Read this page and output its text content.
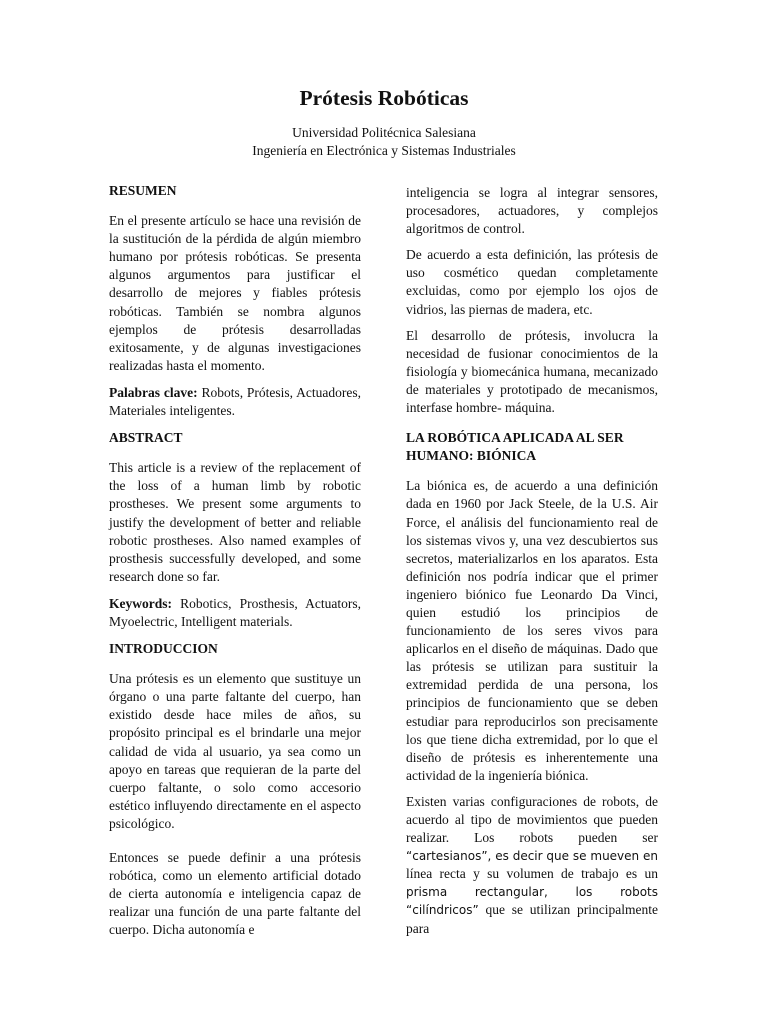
Prótesis Robóticas
Universidad Politécnica Salesiana
Ingeniería en Electrónica y Sistemas Industriales

RESUMEN

En el presente artículo se hace una revisión de la sustitución de la pérdida de algún miembro humano por prótesis robóticas. Se presenta algunos argumentos para justificar el desarrollo de mejores y fiables prótesis robóticas. También se nombra algunos ejemplos de prótesis desarrolladas exitosamente, y de algunas investigaciones realizadas hasta el momento.

Palabras clave: Robots, Prótesis, Actuadores, Materiales inteligentes.

ABSTRACT

This article is a review of the replacement of the loss of a human limb by robotic prostheses. We present some arguments to justify the development of better and reliable robotic prostheses. Also named examples of prosthesis successfully developed, and some research done so far.

Keywords: Robotics, Prosthesis, Actuators, Myoelectric, Intelligent materials.

INTRODUCCION

Una prótesis es un elemento que sustituye un órgano o una parte faltante del cuerpo, han existido desde hace miles de años, su propósito principal es el brindarle una mejor calidad de vida al usuario, ya sea como un apoyo en tareas que requieran de la parte del cuerpo faltante, o solo como accesorio estético influyendo directamente en el aspecto psicológico.

Entonces se puede definir a una prótesis robótica, como un elemento artificial dotado de cierta autonomía e inteligencia capaz de realizar una función de una parte faltante del cuerpo. Dicha autonomía e

inteligencia se logra al integrar sensores, procesadores, actuadores, y complejos algoritmos de control.

De acuerdo a esta definición, las prótesis de uso cosmético quedan completamente excluidas, como por ejemplo los ojos de vidrios, las piernas de madera, etc.

El desarrollo de prótesis, involucra la necesidad de fusionar conocimientos de la fisiología y biomecánica humana, mecanizado de materiales y prototipado de mecanismos, interfase hombre- máquina.

LA ROBÓTICA APLICADA AL SER HUMANO: BIÓNICA

La biónica es, de acuerdo a una definición dada en 1960 por Jack Steele, de la U.S. Air Force, el análisis del funcionamiento real de los sistemas vivos y, una vez descubiertos sus secretos, materializarlos en los aparatos. Esta definición nos podría indicar que el primer ingeniero biónico fue Leonardo Da Vinci, quien estudió los principios de funcionamiento de los seres vivos para aplicarlos en el diseño de máquinas. Dado que las prótesis se utilizan para sustituir la extremidad perdida de una persona, los principios de funcionamiento que se deben estudiar para reproducirlos son precisamente los que tiene dicha extremidad, por lo que el diseño de prótesis es inherentemente una actividad de la ingeniería biónica.

Existen varias configuraciones de robots, de acuerdo al tipo de movimientos que pueden realizar. Los robots pueden ser “cartesianos”, es decir que se mueven en línea recta y su volumen de trabajo es un prisma rectangular, los robots “cilíndricos” que se utilizan principalmente para
